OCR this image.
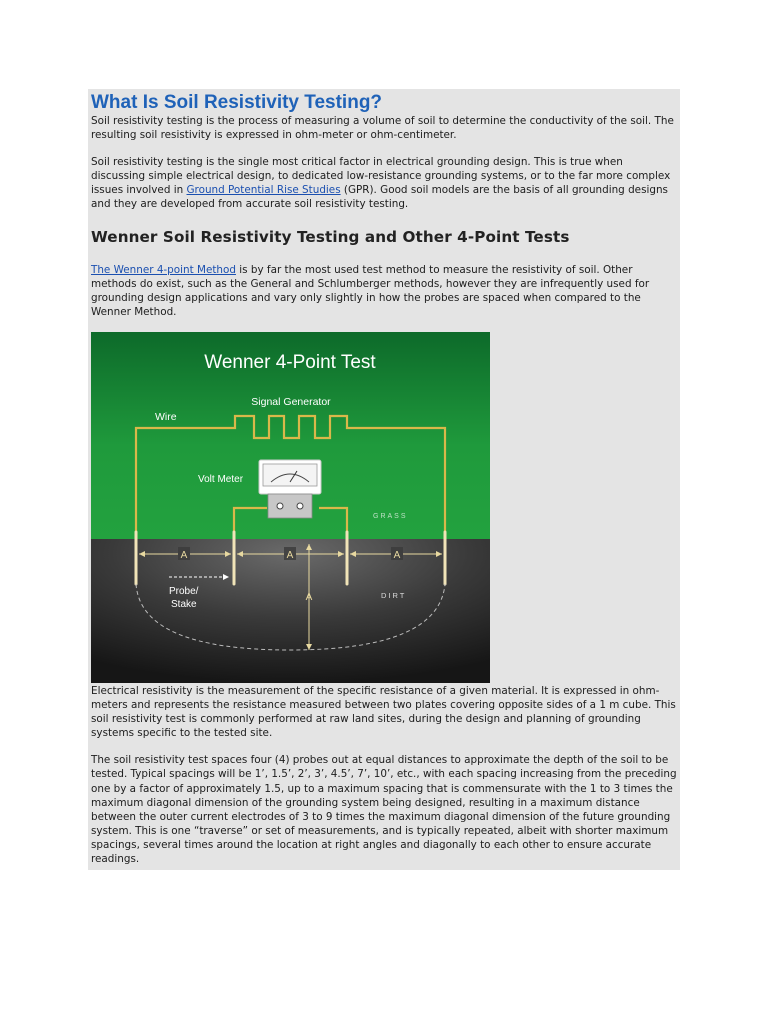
What Is Soil Resistivity Testing?

Soil resistivity testing is the process of measuring a volume of soil to determine the conductivity of the soil. The resulting soil resistivity is expressed in ohm-meter or ohm-centimeter.

Soil resistivity testing is the single most critical factor in electrical grounding design. This is true when discussing simple electrical design, to dedicated low-resistance grounding systems, or to the far more complex issues involved in Ground Potential Rise Studies (GPR). Good soil models are the basis of all grounding designs and they are developed from accurate soil resistivity testing.

Wenner Soil Resistivity Testing and Other 4-Point Tests

The Wenner 4-point Method is by far the most used test method to measure the resistivity of soil. Other methods do exist, such as the General and Schlumberger methods, however they are infrequently used for grounding design applications and vary only slightly in how the probes are spaced when compared to the Wenner Method.

Wenner 4-Point Test
Signal Generator
Wire
Volt Meter
GRASS
DIRT
Probe/
Stake
A	A	A
A

Electrical resistivity is the measurement of the specific resistance of a given material. It is expressed in ohm-meters and represents the resistance measured between two plates covering opposite sides of a 1 m cube. This soil resistivity test is commonly performed at raw land sites, during the design and planning of grounding systems specific to the tested site.

The soil resistivity test spaces four (4) probes out at equal distances to approximate the depth of the soil to be tested. Typical spacings will be 1’, 1.5’, 2’, 3’, 4.5’, 7’, 10’, etc., with each spacing increasing from the preceding one by a factor of approximately 1.5, up to a maximum spacing that is commensurate with the 1 to 3 times the maximum diagonal dimension of the grounding system being designed, resulting in a maximum distance between the outer current electrodes of 3 to 9 times the maximum diagonal dimension of the future grounding system. This is one “traverse” or set of measurements, and is typically repeated, albeit with shorter maximum spacings, several times around the location at right angles and diagonally to each other to ensure accurate readings.
